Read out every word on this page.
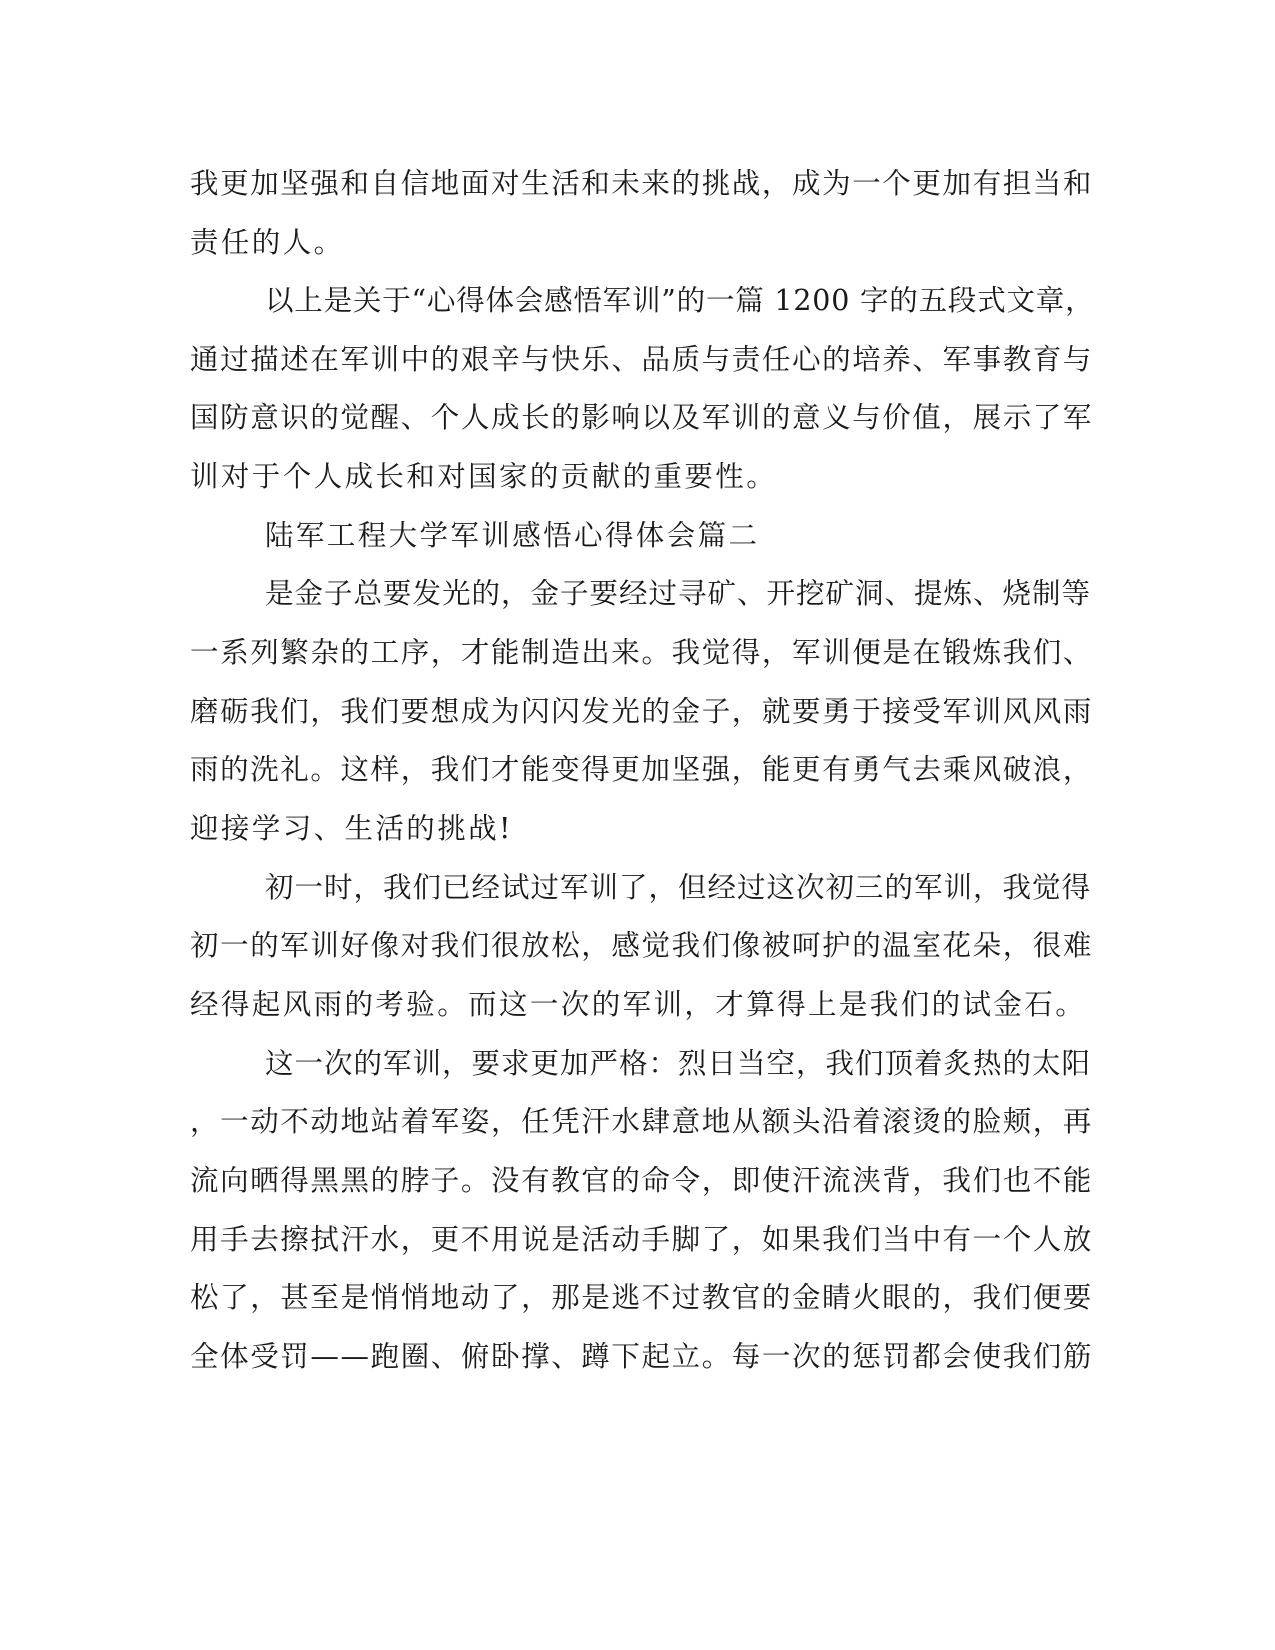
我更加坚强和自信地面对生活和未来的挑战，成为一个更加有担当和
责任的人。
以上是关于“心得体会感悟军训”的一篇 1200 字的五段式文章，
通过描述在军训中的艰辛与快乐、品质与责任心的培养、军事教育与
国防意识的觉醒、个人成长的影响以及军训的意义与价值，展示了军
训对于个人成长和对国家的贡献的重要性。
陆军工程大学军训感悟心得体会篇二
是金子总要发光的，金子要经过寻矿、开挖矿洞、提炼、烧制等
一系列繁杂的工序，才能制造出来。我觉得，军训便是在锻炼我们、
磨砺我们，我们要想成为闪闪发光的金子，就要勇于接受军训风风雨
雨的洗礼。这样，我们才能变得更加坚强，能更有勇气去乘风破浪，
迎接学习、生活的挑战!
初一时，我们已经试过军训了，但经过这次初三的军训，我觉得
初一的军训好像对我们很放松，感觉我们像被呵护的温室花朵，很难
经得起风雨的考验。而这一次的军训，才算得上是我们的试金石。
这一次的军训，要求更加严格：烈日当空，我们顶着炙热的太阳
，一动不动地站着军姿，任凭汗水肆意地从额头沿着滚烫的脸颊，再
流向晒得黑黑的脖子。没有教官的命令，即使汗流浃背，我们也不能
用手去擦拭汗水，更不用说是活动手脚了，如果我们当中有一个人放
松了，甚至是悄悄地动了，那是逃不过教官的金睛火眼的，我们便要
全体受罚——跑圈、俯卧撑、蹲下起立。每一次的惩罚都会使我们筋
